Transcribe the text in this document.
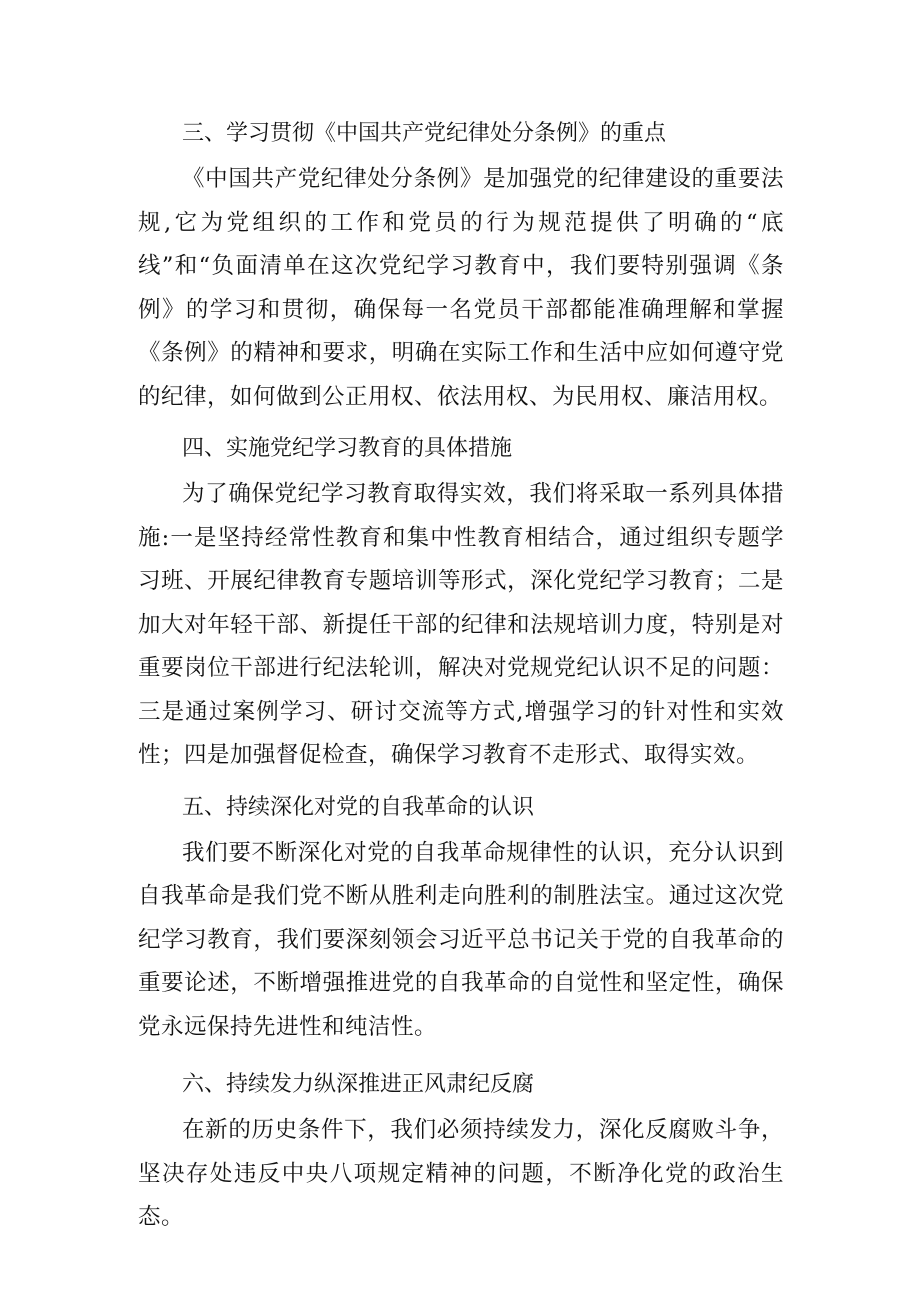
三、学习贯彻《中国共产党纪律处分条例》的重点

《中国共产党纪律处分条例》是加强党的纪律建设的重要法规,它为党组织的工作和党员的行为规范提供了明确的“底线”和“负面清单在这次党纪学习教育中，我们要特别强调《条例》的学习和贯彻，确保每一名党员干部都能准确理解和掌握《条例》的精神和要求，明确在实际工作和生活中应如何遵守党的纪律，如何做到公正用权、依法用权、为民用权、廉洁用权。

四、实施党纪学习教育的具体措施

为了确保党纪学习教育取得实效，我们将采取一系列具体措施:一是坚持经常性教育和集中性教育相结合，通过组织专题学习班、开展纪律教育专题培训等形式，深化党纪学习教育；二是加大对年轻干部、新提任干部的纪律和法规培训力度，特别是对重要岗位干部进行纪法轮训，解决对党规党纪认识不足的问题：三是通过案例学习、研讨交流等方式,增强学习的针对性和实效性；四是加强督促检查，确保学习教育不走形式、取得实效。

五、持续深化对党的自我革命的认识

我们要不断深化对党的自我革命规律性的认识，充分认识到自我革命是我们党不断从胜利走向胜利的制胜法宝。通过这次党纪学习教育，我们要深刻领会习近平总书记关于党的自我革命的重要论述，不断增强推进党的自我革命的自觉性和坚定性，确保党永远保持先进性和纯洁性。

六、持续发力纵深推进正风肃纪反腐

在新的历史条件下，我们必须持续发力，深化反腐败斗争，坚决存处违反中央八项规定精神的问题，不断净化党的政治生态。
